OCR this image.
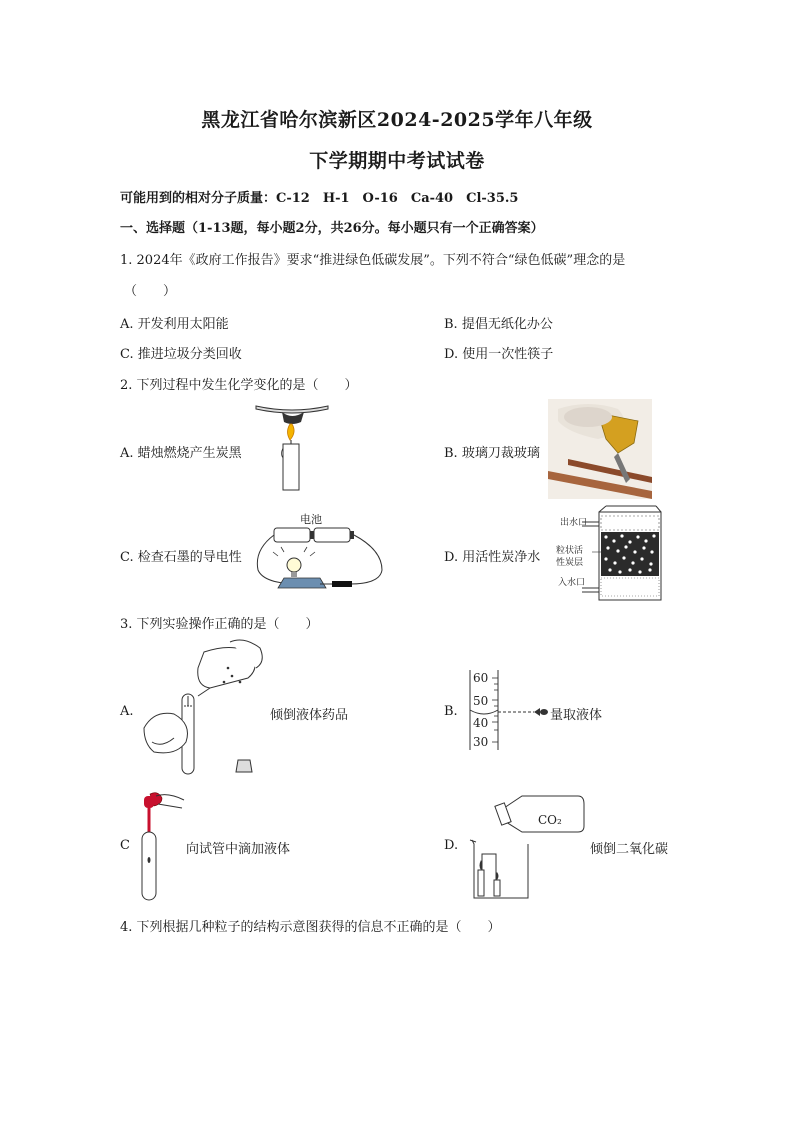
黑龙江省哈尔滨新区2024-2025学年八年级
下学期期中考试试卷
可能用到的相对分子质量：C-12　H-1　O-16　Ca-40　Cl-35.5
一、选择题（1-13题，每小题2分，共26分。每小题只有一个正确答案）
1. 2024年《政府工作报告》要求“推进绿色低碳发展”。下列不符合“绿色低碳”理念的是
（　　）
A. 开发利用太阳能	B. 提倡无纸化办公
C. 推进垃圾分类回收	D. 使用一次性筷子
2. 下列过程中发生化学变化的是（　　）
A. 蜡烛燃烧产生炭黑	B. 玻璃刀裁玻璃
C. 检查石墨的导电性	D. 用活性炭净水
电池	出水口
粒状活
性炭层
入水口
3. 下列实验操作正确的是（　　）
A.	倾倒液体药品	B.
60
50
40
30
量取液体
C	向试管中滴加液体	D.
CO₂
倾倒二氧化碳
4. 下列根据几种粒子的结构示意图获得的信息不正确的是（　　）
